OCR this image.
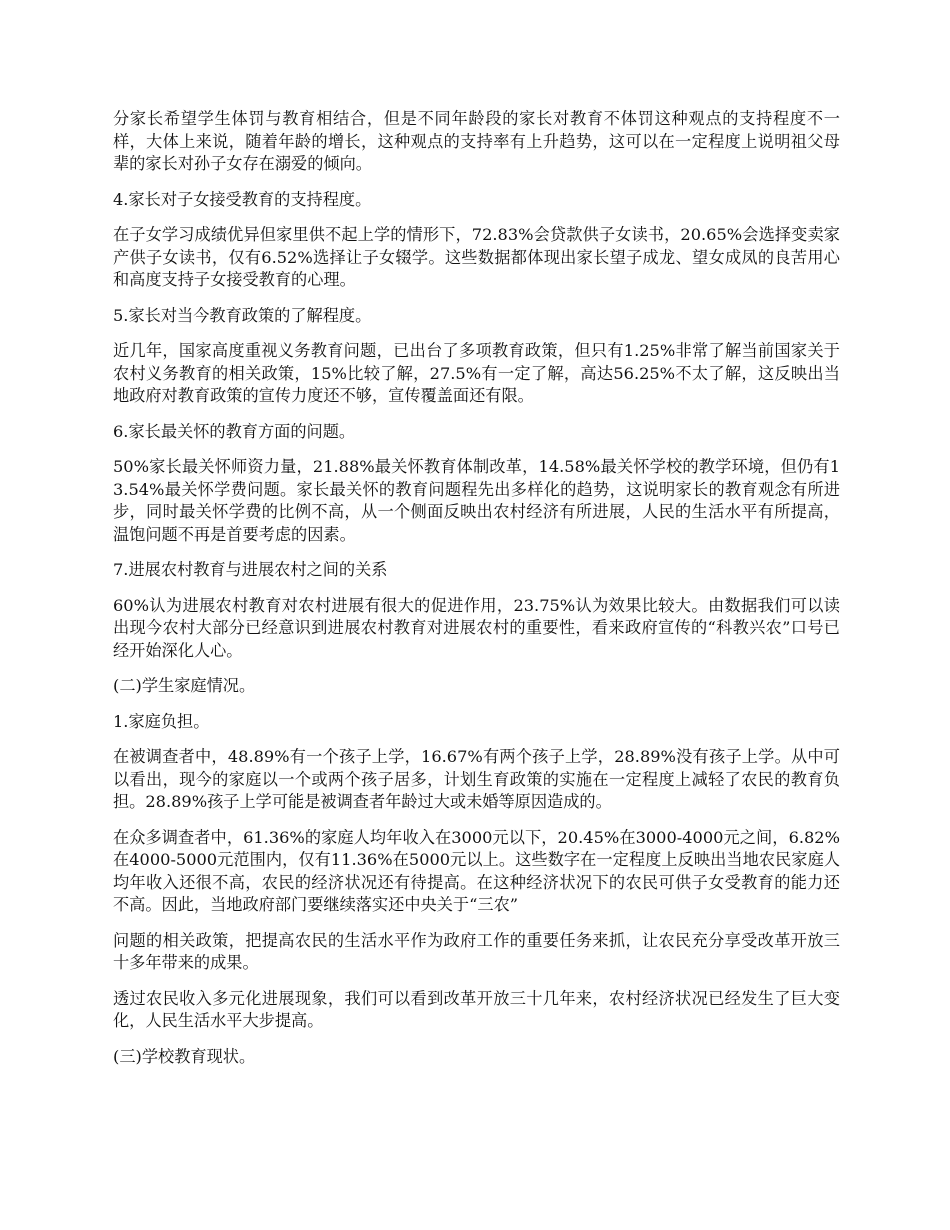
分家长希望学生体罚与教育相结合，但是不同年龄段的家长对教育不体罚这种观点的支持程度不一样，大体上来说，随着年龄的增长，这种观点的支持率有上升趋势，这可以在一定程度上说明祖父母辈的家长对孙子女存在溺爱的倾向。

4.家长对子女接受教育的支持程度。

在子女学习成绩优异但家里供不起上学的情形下，72.83%会贷款供子女读书，20.65%会选择变卖家产供子女读书，仅有6.52%选择让子女辍学。这些数据都体现出家长望子成龙、望女成凤的良苦用心和高度支持子女接受教育的心理。

5.家长对当今教育政策的了解程度。

近几年，国家高度重视义务教育问题，已出台了多项教育政策，但只有1.25%非常了解当前国家关于农村义务教育的相关政策，15%比较了解，27.5%有一定了解，高达56.25%不太了解，这反映出当地政府对教育政策的宣传力度还不够，宣传覆盖面还有限。

6.家长最关怀的教育方面的问题。

50%家长最关怀师资力量，21.88%最关怀教育体制改革，14.58%最关怀学校的教学环境，但仍有13.54%最关怀学费问题。家长最关怀的教育问题程先出多样化的趋势，这说明家长的教育观念有所进步，同时最关怀学费的比例不高，从一个侧面反映出农村经济有所进展，人民的生活水平有所提高，温饱问题不再是首要考虑的因素。

7.进展农村教育与进展农村之间的关系

60%认为进展农村教育对农村进展有很大的促进作用，23.75%认为效果比较大。由数据我们可以读出现今农村大部分已经意识到进展农村教育对进展农村的重要性，看来政府宣传的“科教兴农”口号已经开始深化人心。

(二)学生家庭情况。

1.家庭负担。

在被调查者中，48.89%有一个孩子上学，16.67%有两个孩子上学，28.89%没有孩子上学。从中可以看出，现今的家庭以一个或两个孩子居多，计划生育政策的实施在一定程度上减轻了农民的教育负担。28.89%孩子上学可能是被调查者年龄过大或未婚等原因造成的。

在众多调查者中，61.36%的家庭人均年收入在3000元以下，20.45%在3000-4000元之间，6.82%在4000-5000元范围内，仅有11.36%在5000元以上。这些数字在一定程度上反映出当地农民家庭人均年收入还很不高，农民的经济状况还有待提高。在这种经济状况下的农民可供子女受教育的能力还不高。因此，当地政府部门要继续落实还中央关于“三农”

问题的相关政策，把提高农民的生活水平作为政府工作的重要任务来抓，让农民充分享受改革开放三十多年带来的成果。

透过农民收入多元化进展现象，我们可以看到改革开放三十几年来，农村经济状况已经发生了巨大变化，人民生活水平大步提高。

(三)学校教育现状。
